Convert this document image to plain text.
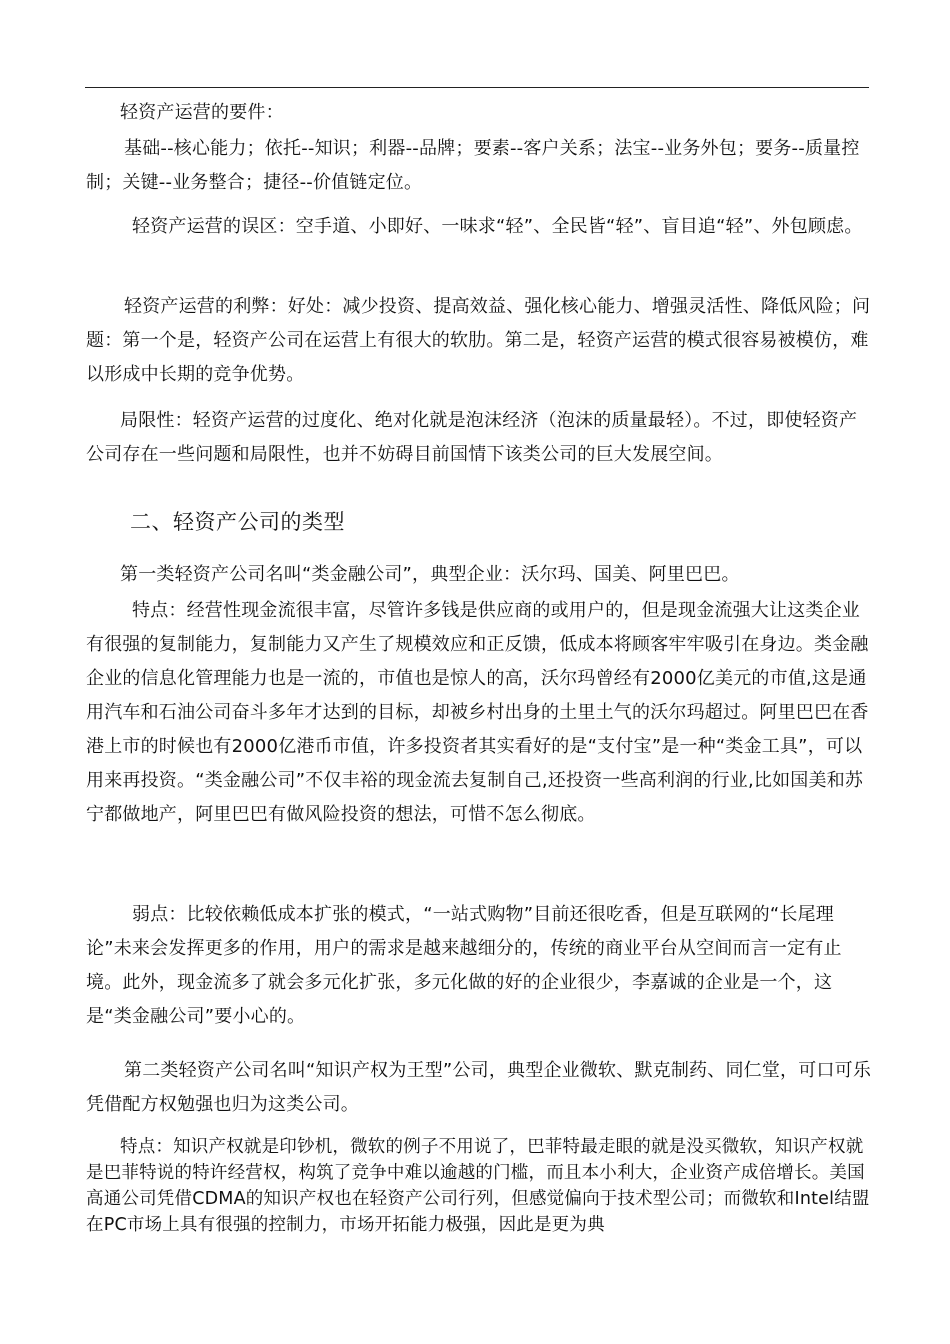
轻资产运营的要件：

基础--核心能力；依托--知识；利器--品牌；要素--客户关系；法宝--业务外包；要务--质量控制；关键--业务整合；捷径--价值链定位。

轻资产运营的误区：空手道、小即好、一味求“轻”、全民皆“轻”、盲目追“轻”、外包顾虑。

轻资产运营的利弊：好处：减少投资、提高效益、强化核心能力、增强灵活性、降低风险；问题：第一个是，轻资产公司在运营上有很大的软肋。第二是，轻资产运营的模式很容易被模仿，难以形成中长期的竞争优势。

局限性：轻资产运营的过度化、绝对化就是泡沫经济（泡沫的质量最轻）。不过，即使轻资产公司存在一些问题和局限性，也并不妨碍目前国情下该类公司的巨大发展空间。

二、轻资产公司的类型

第一类轻资产公司名叫“类金融公司”，典型企业：沃尔玛、国美、阿里巴巴。

特点：经营性现金流很丰富，尽管许多钱是供应商的或用户的，但是现金流强大让这类企业有很强的复制能力，复制能力又产生了规模效应和正反馈，低成本将顾客牢牢吸引在身边。类金融企业的信息化管理能力也是一流的，市值也是惊人的高，沃尔玛曾经有2000亿美元的市值,这是通用汽车和石油公司奋斗多年才达到的目标，却被乡村出身的土里土气的沃尔玛超过。阿里巴巴在香港上市的时候也有2000亿港币市值，许多投资者其实看好的是“支付宝”是一种“类金工具”，可以用来再投资。“类金融公司”不仅丰裕的现金流去复制自己,还投资一些高利润的行业,比如国美和苏宁都做地产，阿里巴巴有做风险投资的想法，可惜不怎么彻底。

弱点：比较依赖低成本扩张的模式，“一站式购物”目前还很吃香，但是互联网的“长尾理论”未来会发挥更多的作用，用户的需求是越来越细分的，传统的商业平台从空间而言一定有止境。此外，现金流多了就会多元化扩张，多元化做的好的企业很少，李嘉诚的企业是一个，这是“类金融公司”要小心的。

第二类轻资产公司名叫“知识产权为王型”公司，典型企业微软、默克制药、同仁堂，可口可乐凭借配方权勉强也归为这类公司。

特点：知识产权就是印钞机，微软的例子不用说了，巴菲特最走眼的就是没买微软，知识产权就是巴菲特说的特许经营权，构筑了竞争中难以逾越的门槛，而且本小利大，企业资产成倍增长。美国高通公司凭借CDMA的知识产权也在轻资产公司行列，但感觉偏向于技术型公司；而微软和Intel结盟在PC市场上具有很强的控制力，市场开拓能力极强，因此是更为典
